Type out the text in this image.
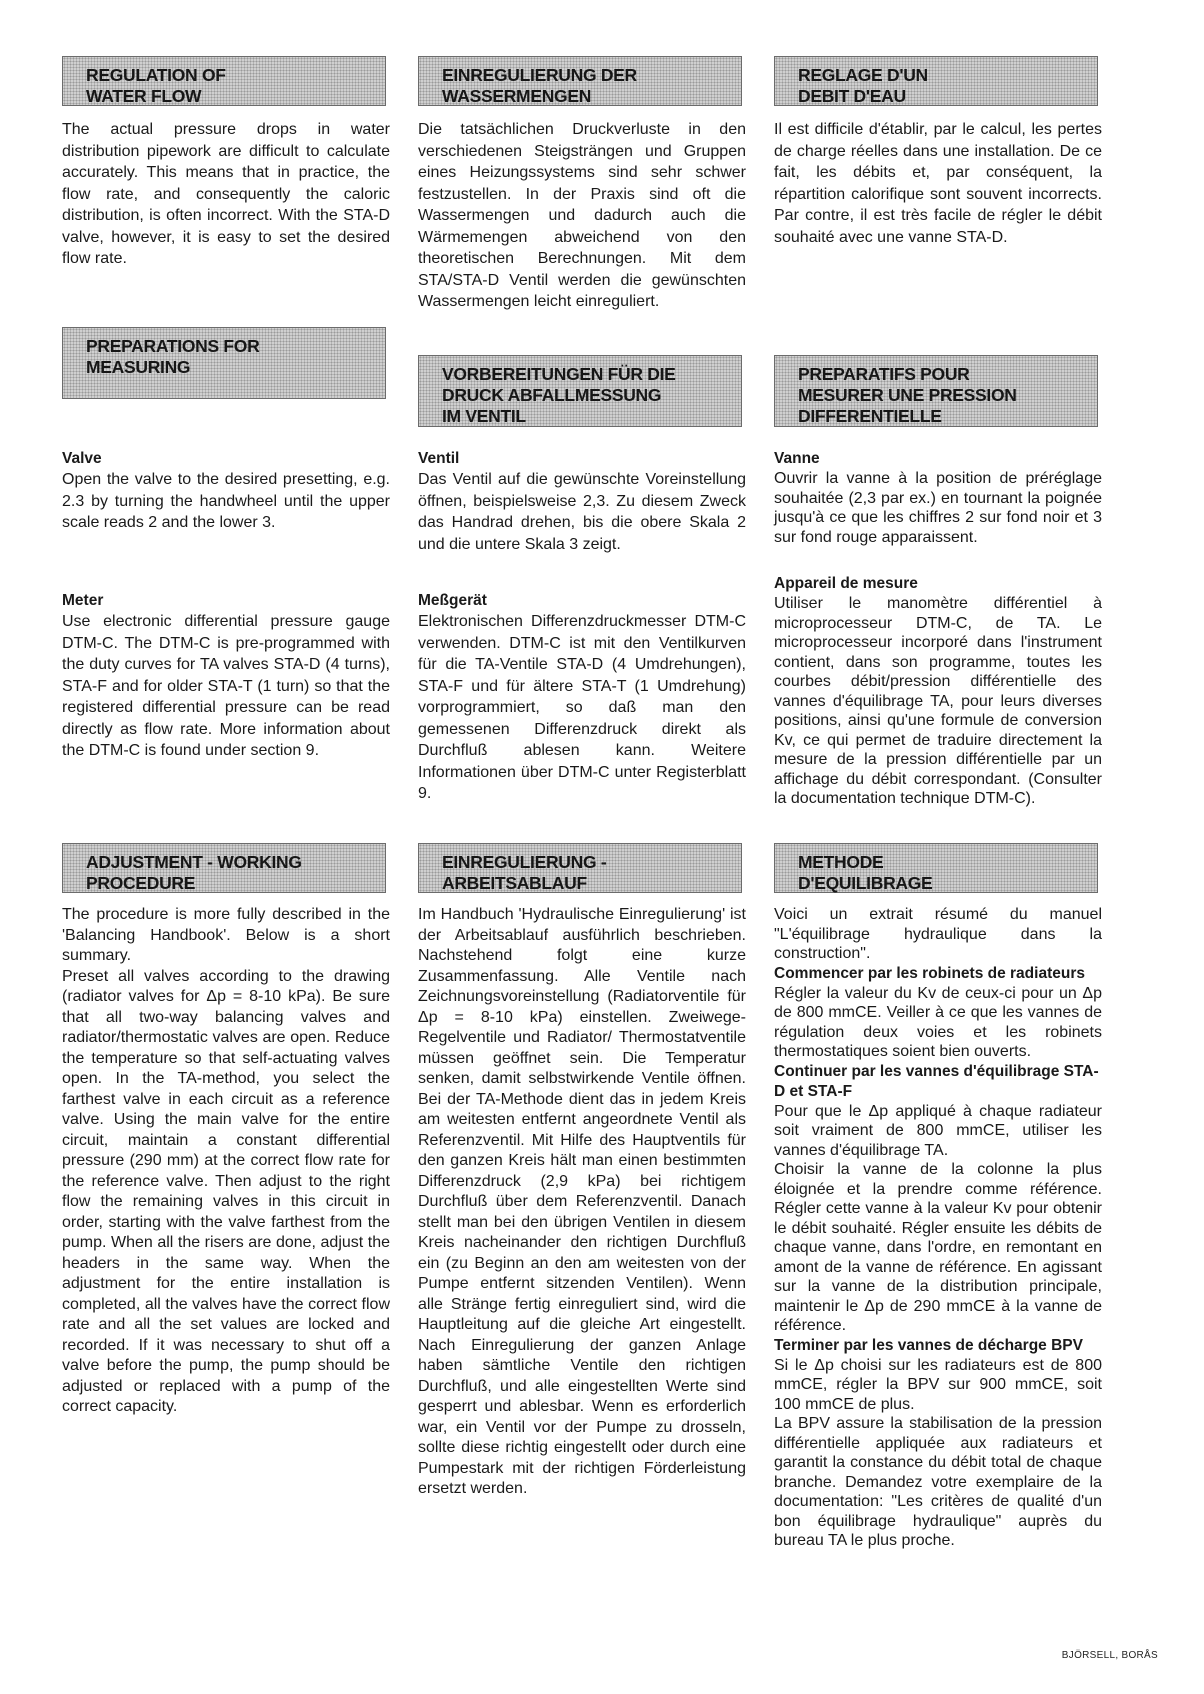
REGULATION OF
WATER FLOW

The actual pressure drops in water distribution pipework are difficult to calculate accurately. This means that in practice, the flow rate, and consequently the caloric distribution, is often incorrect. With the STA-D valve, however, it is easy to set the desired flow rate.

PREPARATIONS FOR
MEASURING
Valve

Open the valve to the desired presetting, e.g. 2.3 by turning the handwheel until the upper scale reads 2 and the lower 3.

Meter

Use electronic differential pressure gauge DTM-C. The DTM-C is pre-programmed with the duty curves for TA valves STA-D (4 turns), STA-F and for older STA-T (1 turn) so that the registered differential pressure can be read directly as flow rate. More information about the DTM-C is found under section 9.

ADJUSTMENT - WORKING
PROCEDURE

The procedure is more fully described in the 'Balancing Handbook'. Below is a short summary.

Preset all valves according to the drawing (radiator valves for Δp = 8-10 kPa). Be sure that all two-way balancing valves and radiator/thermostatic valves are open. Reduce the temperature so that self-actuating valves open. In the TA-method, you select the farthest valve in each circuit as a reference valve. Using the main valve for the entire circuit, maintain a constant differential pressure (290 mm) at the correct flow rate for the reference valve. Then adjust to the right flow the remaining valves in this circuit in order, starting with the valve farthest from the pump. When all the risers are done, adjust the headers in the same way. When the adjustment for the entire installation is completed, all the valves have the correct flow rate and all the set values are locked and recorded. If it was necessary to shut off a valve before the pump, the pump should be adjusted or replaced with a pump of the correct capacity.

EINREGULIERUNG DER
WASSERMENGEN

Die tatsächlichen Druckverluste in den verschiedenen Steigsträngen und Gruppen eines Heizungssystems sind sehr schwer festzustellen. In der Praxis sind oft die Wassermengen und dadurch auch die Wärmemengen abweichend von den theoretischen Berechnungen. Mit dem STA/STA-D Ventil werden die gewünschten Wassermengen leicht einreguliert.

VORBEREITUNGEN FÜR DIE
DRUCK ABFALLMESSUNG
IM VENTIL
Ventil

Das Ventil auf die gewünschte Voreinstellung öffnen, beispielsweise 2,3. Zu diesem Zweck das Handrad drehen, bis die obere Skala 2 und die untere Skala 3 zeigt.

Meßgerät

Elektronischen Differenzdruckmesser DTM-C verwenden. DTM-C ist mit den Ventilkurven für die TA-Ventile STA-D (4 Umdrehungen), STA-F und für ältere STA-T (1 Umdrehung) vorprogrammiert, so daß man den gemessenen Differenzdruck direkt als Durchfluß ablesen kann. Weitere Informationen über DTM-C unter Registerblatt 9.

EINREGULIERUNG -
ARBEITSABLAUF

Im Handbuch 'Hydraulische Einregulierung' ist der Arbeitsablauf ausführlich beschrieben. Nachstehend folgt eine kurze Zusammenfassung. Alle Ventile nach Zeichnungsvoreinstellung (Radiatorventile für Δp = 8-10 kPa) einstellen. Zweiwege-Regelventile und Radiator/ Thermostatventile müssen geöffnet sein. Die Temperatur senken, damit selbstwirkende Ventile öffnen. Bei der TA-Methode dient das in jedem Kreis am weitesten entfernt angeordnete Ventil als Referenzventil. Mit Hilfe des Hauptventils für den ganzen Kreis hält man einen bestimmten Differenzdruck (2,9 kPa) bei richtigem Durchfluß über dem Referenzventil. Danach stellt man bei den übrigen Ventilen in diesem Kreis nacheinander den richtigen Durchfluß ein (zu Beginn an den am weitesten von der Pumpe entfernt sitzenden Ventilen). Wenn alle Stränge fertig einreguliert sind, wird die Hauptleitung auf die gleiche Art eingestellt. Nach Einregulierung der ganzen Anlage haben sämtliche Ventile den richtigen Durchfluß, und alle eingestellten Werte sind gesperrt und ablesbar. Wenn es erforderlich war, ein Ventil vor der Pumpe zu drosseln, sollte diese richtig eingestellt oder durch eine Pumpestark mit der richtigen Förderleistung ersetzt werden.

REGLAGE D'UN
DEBIT D'EAU

Il est difficile d'établir, par le calcul, les pertes de charge réelles dans une installation. De ce fait, les débits et, par conséquent, la répartition calorifique sont souvent incorrects. Par contre, il est très facile de régler le débit souhaité avec une vanne STA-D.

PREPARATIFS POUR
MESURER UNE PRESSION
DIFFERENTIELLE
Vanne

Ouvrir la vanne à la position de préréglage souhaitée (2,3 par ex.) en tournant la poignée jusqu'à ce que les chiffres 2 sur fond noir et 3 sur fond rouge apparaissent.

Appareil de mesure

Utiliser le manomètre différentiel à microprocesseur DTM-C, de TA. Le microprocesseur incorporé dans l'instrument contient, dans son programme, toutes les courbes débit/pression différentielle des vannes d'équilibrage TA, pour leurs diverses positions, ainsi qu'une formule de conversion Kv, ce qui permet de traduire directement la mesure de la pression différentielle par un affichage du débit correspondant. (Consulter la documentation technique DTM-C).

METHODE
D'EQUILIBRAGE

Voici un extrait résumé du manuel "L'équilibrage hydraulique dans la construction".

Commencer par les robinets de radiateurs

Régler la valeur du Kv de ceux-ci pour un Δp de 800 mmCE. Veiller à ce que les vannes de régulation deux voies et les robinets thermostatiques soient bien ouverts.

Continuer par les vannes d'équilibrage STA-D et STA-F

Pour que le Δp appliqué à chaque radiateur soit vraiment de 800 mmCE, utiliser les vannes d'équilibrage TA.

Choisir la vanne de la colonne la plus éloignée et la prendre comme référence. Régler cette vanne à la valeur Kv pour obtenir le débit souhaité. Régler ensuite les débits de chaque vanne, dans l'ordre, en remontant en amont de la vanne de référence. En agissant sur la vanne de la distribution principale, maintenir le Δp de 290 mmCE à la vanne de référence.

Terminer par les vannes de décharge BPV

Si le Δp choisi sur les radiateurs est de 800 mmCE, régler la BPV sur 900 mmCE, soit 100 mmCE de plus.

La BPV assure la stabilisation de la pression différentielle appliquée aux radiateurs et garantit la constance du débit total de chaque branche. Demandez votre exemplaire de la documentation: "Les critères de qualité d'un bon équilibrage hydraulique" auprès du bureau TA le plus proche.

BJÖRSELL, BORÅS
